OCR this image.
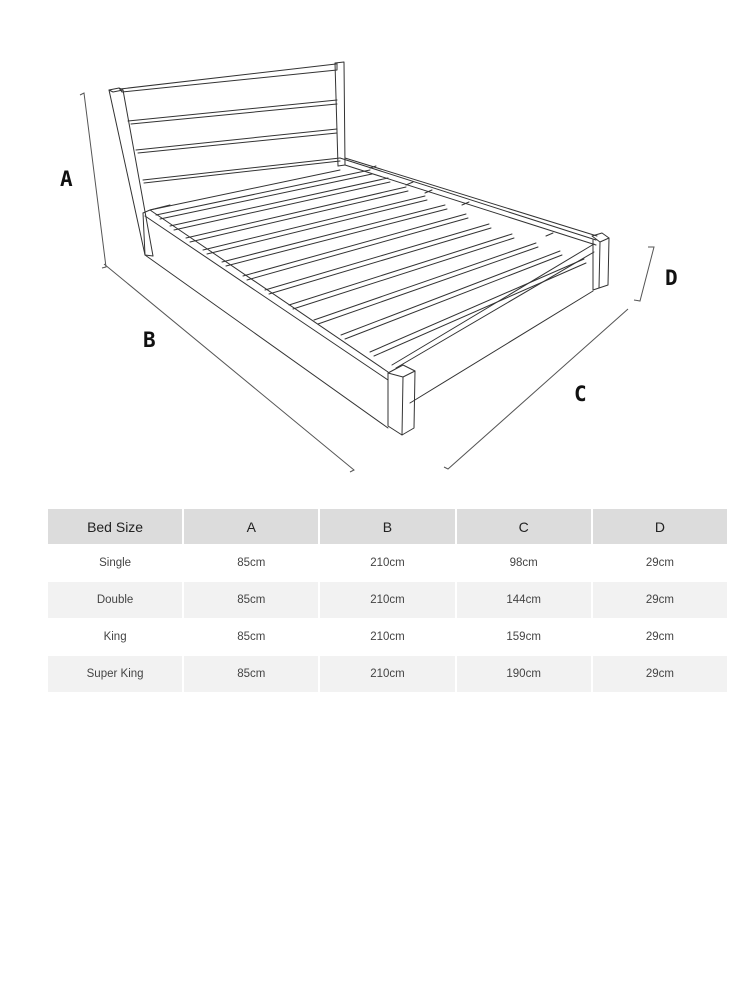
A
B
C
D
Bed Size	A	B	C	D
Single	85cm	210cm	98cm	29cm
Double	85cm	210cm	144cm	29cm
King	85cm	210cm	159cm	29cm
Super King	85cm	210cm	190cm	29cm
